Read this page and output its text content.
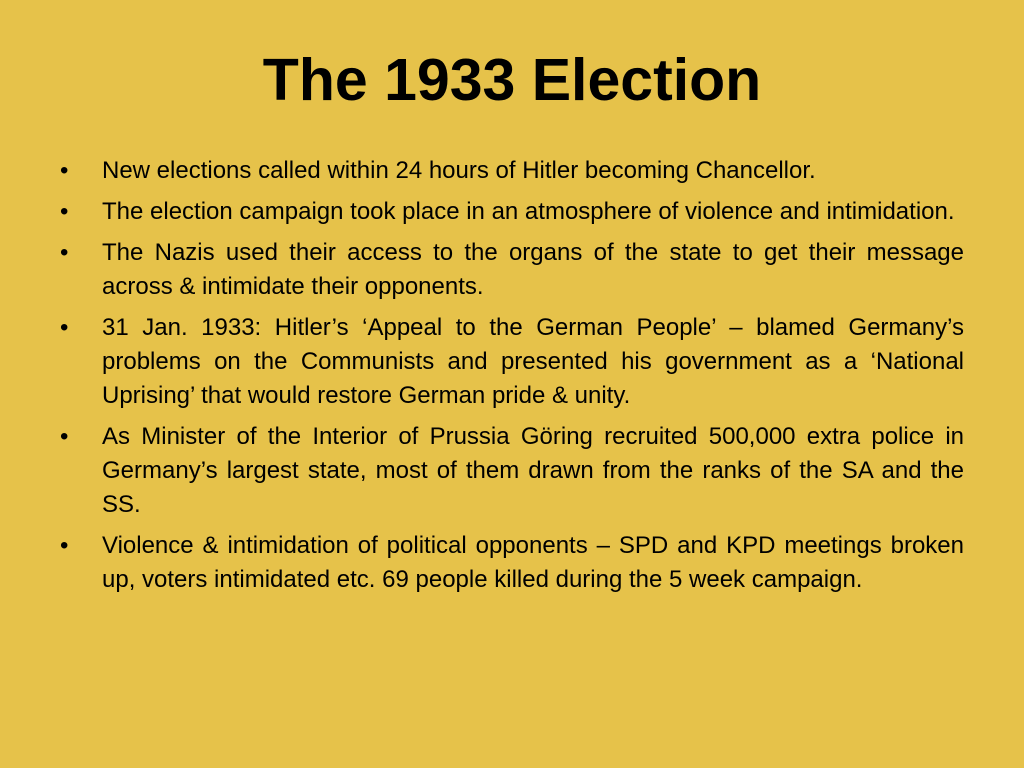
The 1933 Election
•	New elections called within 24 hours of Hitler becoming Chancellor.
•	The election campaign took place in an atmosphere of violence and intimidation.
•	The Nazis used their access to the organs of the state to get their message across & intimidate their opponents.
•	31 Jan. 1933: Hitler’s ‘Appeal to the German People’ – blamed Germany’s problems on the Communists and presented his government as a ‘National Uprising’ that would restore German pride & unity.
•	As Minister of the Interior of Prussia Göring recruited 500,000 extra police in Germany’s largest state, most of them drawn from the ranks of the SA and the SS.
•	Violence & intimidation of political opponents – SPD and KPD meetings broken up, voters intimidated etc. 69 people killed during the 5 week campaign.
